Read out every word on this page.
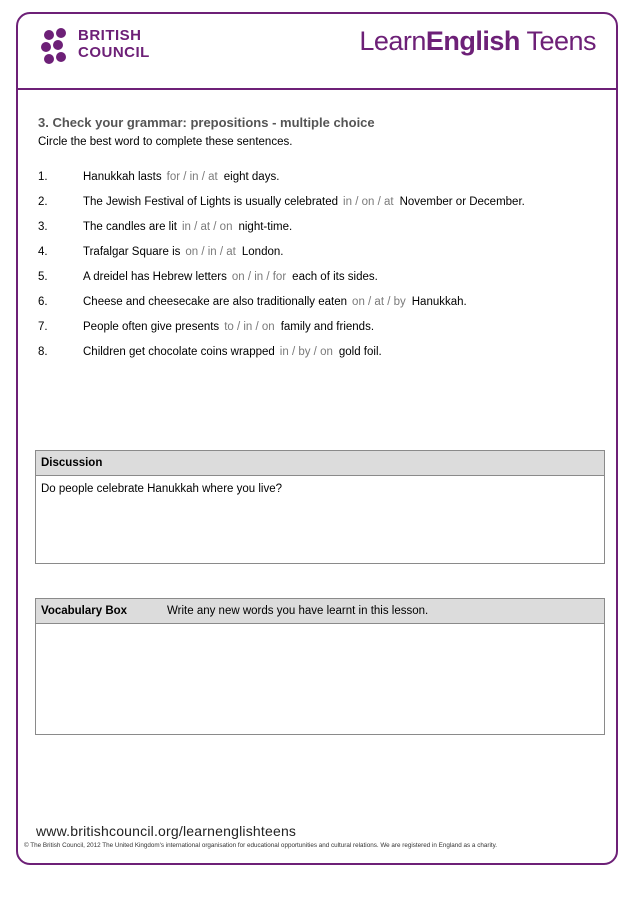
BRITISH
COUNCIL	LearnEnglish Teens
3. Check your grammar: prepositions - multiple choice
Circle the best word to complete these sentences.
1.	Hanukkah lasts for / in / at eight days.
2.	The Jewish Festival of Lights is usually celebrated in / on / at November or December.
3.	The candles are lit in / at / on night-time.
4.	Trafalgar Square is on / in / at London.
5.	A dreidel has Hebrew letters on / in / for each of its sides.
6.	Cheese and cheesecake are also traditionally eaten on / at / by Hanukkah.
7.	People often give presents to / in / on family and friends.
8.	Children get chocolate coins wrapped in / by / on gold foil.
Discussion
Do people celebrate Hanukkah where you live?
Vocabulary Box	Write any new words you have learnt in this lesson.
www.britishcouncil.org/learnenglishteens
© The British Council, 2012 The United Kingdom's international organisation for educational opportunities and cultural relations. We are registered in England as a charity.
